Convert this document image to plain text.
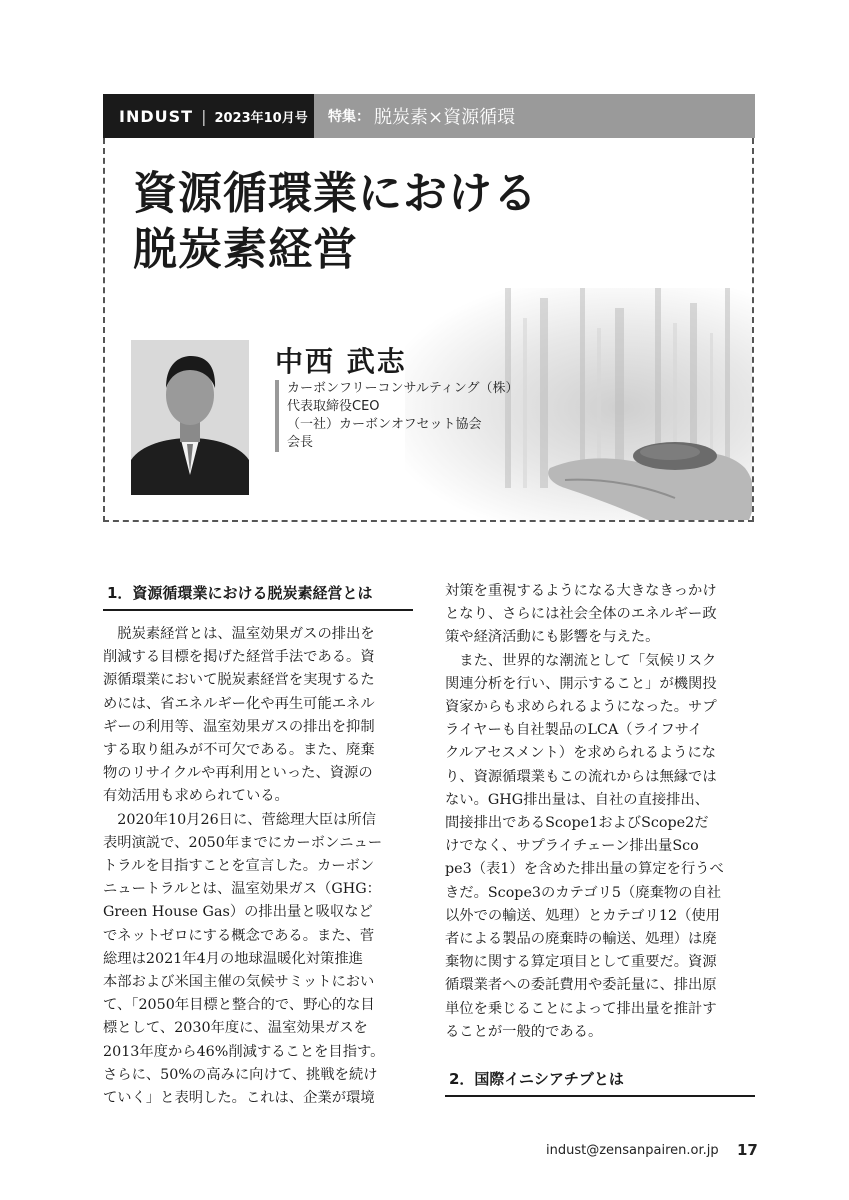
INDUST | 2023年10月号 特集： 脱炭素×資源循環
資源循環業における
脱炭素経営
中西 武志
カーボンフリーコンサルティング（株）
代表取締役CEO
（一社）カーボンオフセット協会
会長
1．資源循環業における脱炭素経営とは

　脱炭素経営とは、温室効果ガスの排出を
削減する目標を掲げた経営手法である。資
源循環業において脱炭素経営を実現するた
めには、省エネルギー化や再生可能エネル
ギーの利用等、温室効果ガスの排出を抑制
する取り組みが不可欠である。また、廃棄
物のリサイクルや再利用といった、資源の
有効活用も求められている。
　2020年10月26日に、菅総理大臣は所信
表明演説で、2050年までにカーボンニュー
トラルを目指すことを宣言した。カーボン
ニュートラルとは、温室効果ガス（GHG：
Green House Gas）の排出量と吸収など
でネットゼロにする概念である。また、菅
総理は2021年4月の地球温暖化対策推進
本部および米国主催の気候サミットにおい
て、「2050年目標と整合的で、野心的な目
標として、2030年度に、温室効果ガスを
2013年度から46%削減することを目指す。
さらに、50%の高みに向けて、挑戦を続け
ていく」と表明した。これは、企業が環境

対策を重視するようになる大きなきっかけ
となり、さらには社会全体のエネルギー政
策や経済活動にも影響を与えた。
　また、世界的な潮流として「気候リスク
関連分析を行い、開示すること」が機関投
資家からも求められるようになった。サプ
ライヤーも自社製品のLCA（ライフサイ
クルアセスメント）を求められるようにな
り、資源循環業もこの流れからは無縁では
ない。GHG排出量は、自社の直接排出、
間接排出であるScope1およびScope2だ
けでなく、サプライチェーン排出量Sco
pe3（表1）を含めた排出量の算定を行うべ
きだ。Scope3のカテゴリ5（廃棄物の自社
以外での輸送、処理）とカテゴリ12（使用
者による製品の廃棄時の輸送、処理）は廃
棄物に関する算定項目として重要だ。資源
循環業者への委託費用や委託量に、排出原
単位を乗じることによって排出量を推計す
ることが一般的である。

2．国際イニシアチブとは
indust@zensanpairen.or.jp 17
